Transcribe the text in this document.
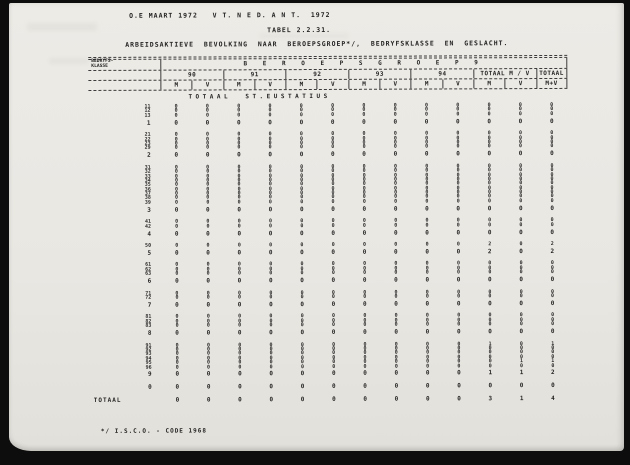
O.E MAART 1972   V T. N E D. A N T.  1972
TABEL 2.2.31.
ARBEIDSAKTIEVE  BEVOLKING  NAAR  BEROEPSGROEP*/,  BEDRYFSKLASSE  EN  GESLACHT.
BEDRYFS-
KLASSE	B E R O E P S G R O E P 9
90	91	92	93	94	TOTAAL M / V	TOTAAL
M	V	M	V	M	V	M	V	M	V	M	V	M+V
TOTAAL  ST.EUSTATIUS
11	0	0	0	0	0	0	0	0	0	0	0	0	0
12	0	0	0	0	0	0	0	0	0	0	0	0	0
13	0	0	0	0	0	0	0	0	0	0	0	0	0
1	0	0	0	0	0	0	0	0	0	0	0	0	0
21	0	0	0	0	0	0	0	0	0	0	0	0	0
22	0	0	0	0	0	0	0	0	0	0	0	0	0
23	0	0	0	0	0	0	0	0	0	0	0	0	0
29	0	0	0	0	0	0	0	0	0	0	0	0	0
2	0	0	0	0	0	0	0	0	0	0	0	0	0
31	0	0	0	0	0	0	0	0	0	0	0	0	0
32	0	0	0	0	0	0	0	0	0	0	0	0	0
33	0	0	0	0	0	0	0	0	0	0	0	0	0
34	0	0	0	0	0	0	0	0	0	0	0	0	0
35	0	0	0	0	0	0	0	0	0	0	0	0	0
36	0	0	0	0	0	0	0	0	0	0	0	0	0
37	0	0	0	0	0	0	0	0	0	0	0	0	0
38	0	0	0	0	0	0	0	0	0	0	0	0	0
39	0	0	0	0	0	0	0	0	0	0	0	0	0
3	0	0	0	0	0	0	0	0	0	0	0	0	0
41	0	0	0	0	0	0	0	0	0	0	0	0	0
42	0	0	0	0	0	0	0	0	0	0	0	0	0
4	0	0	0	0	0	0	0	0	0	0	0	0	0
50	0	0	0	0	0	0	0	0	0	0	2	0	2
5	0	0	0	0	0	0	0	0	0	0	2	0	2
61	0	0	0	0	0	0	0	0	0	0	0	0	0
62	0	0	0	0	0	0	0	0	0	0	0	0	0
63	0	0	0	0	0	0	0	0	0	0	0	0	0
6	0	0	0	0	0	0	0	0	0	0	0	0	0
71	0	0	0	0	0	0	0	0	0	0	0	0	0
72	0	0	0	0	0	0	0	0	0	0	0	0	0
7	0	0	0	0	0	0	0	0	0	0	0	0	0
81	0	0	0	0	0	0	0	0	0	0	0	0	0
82	0	0	0	0	0	0	0	0	0	0	0	0	0
83	0	0	0	0	0	0	0	0	0	0	0	0	0
8	0	0	0	0	0	0	0	0	0	0	0	0	0
91	0	0	0	0	0	0	0	0	0	0	1	0	1
92	0	0	0	0	0	0	0	0	0	0	0	0	0
93	0	0	0	0	0	0	0	0	0	0	0	0	0
94	0	0	0	0	0	0	0	0	0	0	0	0	0
95	0	0	0	0	0	0	0	0	0	0	0	1	1
96	0	0	0	0	0	0	0	0	0	0	0	0	0
9	0	0	0	0	0	0	0	0	0	0	1	1	2
0	0	0	0	0	0	0	0	0	0	0	0	0	0
TOTAAL	0	0	0	0	0	0	0	0	0	0	3	1	4
*/ I.S.C.O. - CODE 1968
